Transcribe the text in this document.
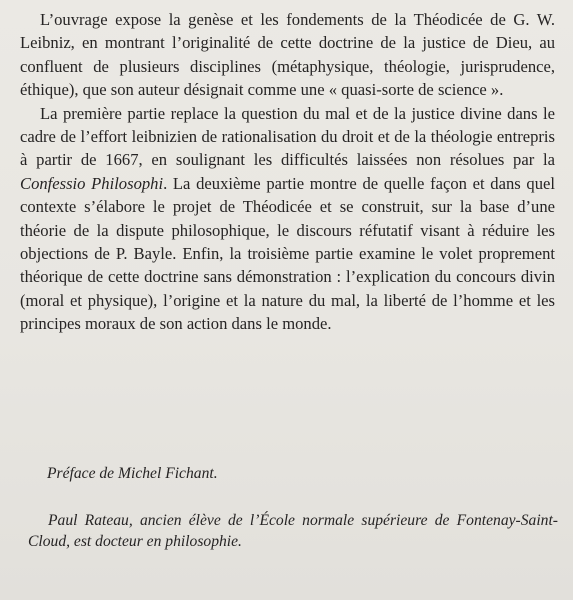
L’ouvrage expose la genèse et les fondements de la Théodicée de G. W. Leibniz, en montrant l’originalité de cette doctrine de la justice de Dieu, au confluent de plusieurs disciplines (métaphysique, théologie, jurisprudence, éthique), que son auteur désignait comme une « quasi-sorte de science ».

La première partie replace la question du mal et de la justice divine dans le cadre de l’effort leibnizien de rationalisation du droit et de la théologie entrepris à partir de 1667, en soulignant les difficultés laissées non résolues par la Confessio Philosophi. La deuxième partie montre de quelle façon et dans quel contexte s’élabore le projet de Théodicée et se construit, sur la base d’une théorie de la dispute philosophique, le discours réfutatif visant à réduire les objections de P. Bayle. Enfin, la troisième partie examine le volet proprement théorique de cette doctrine sans démonstration : l’explication du concours divin (moral et physique), l’origine et la nature du mal, la liberté de l’homme et les principes moraux de son action dans le monde.

Préface de Michel Fichant.

Paul Rateau, ancien élève de l’École normale supérieure de Fontenay-Saint-Cloud, est docteur en philosophie.
